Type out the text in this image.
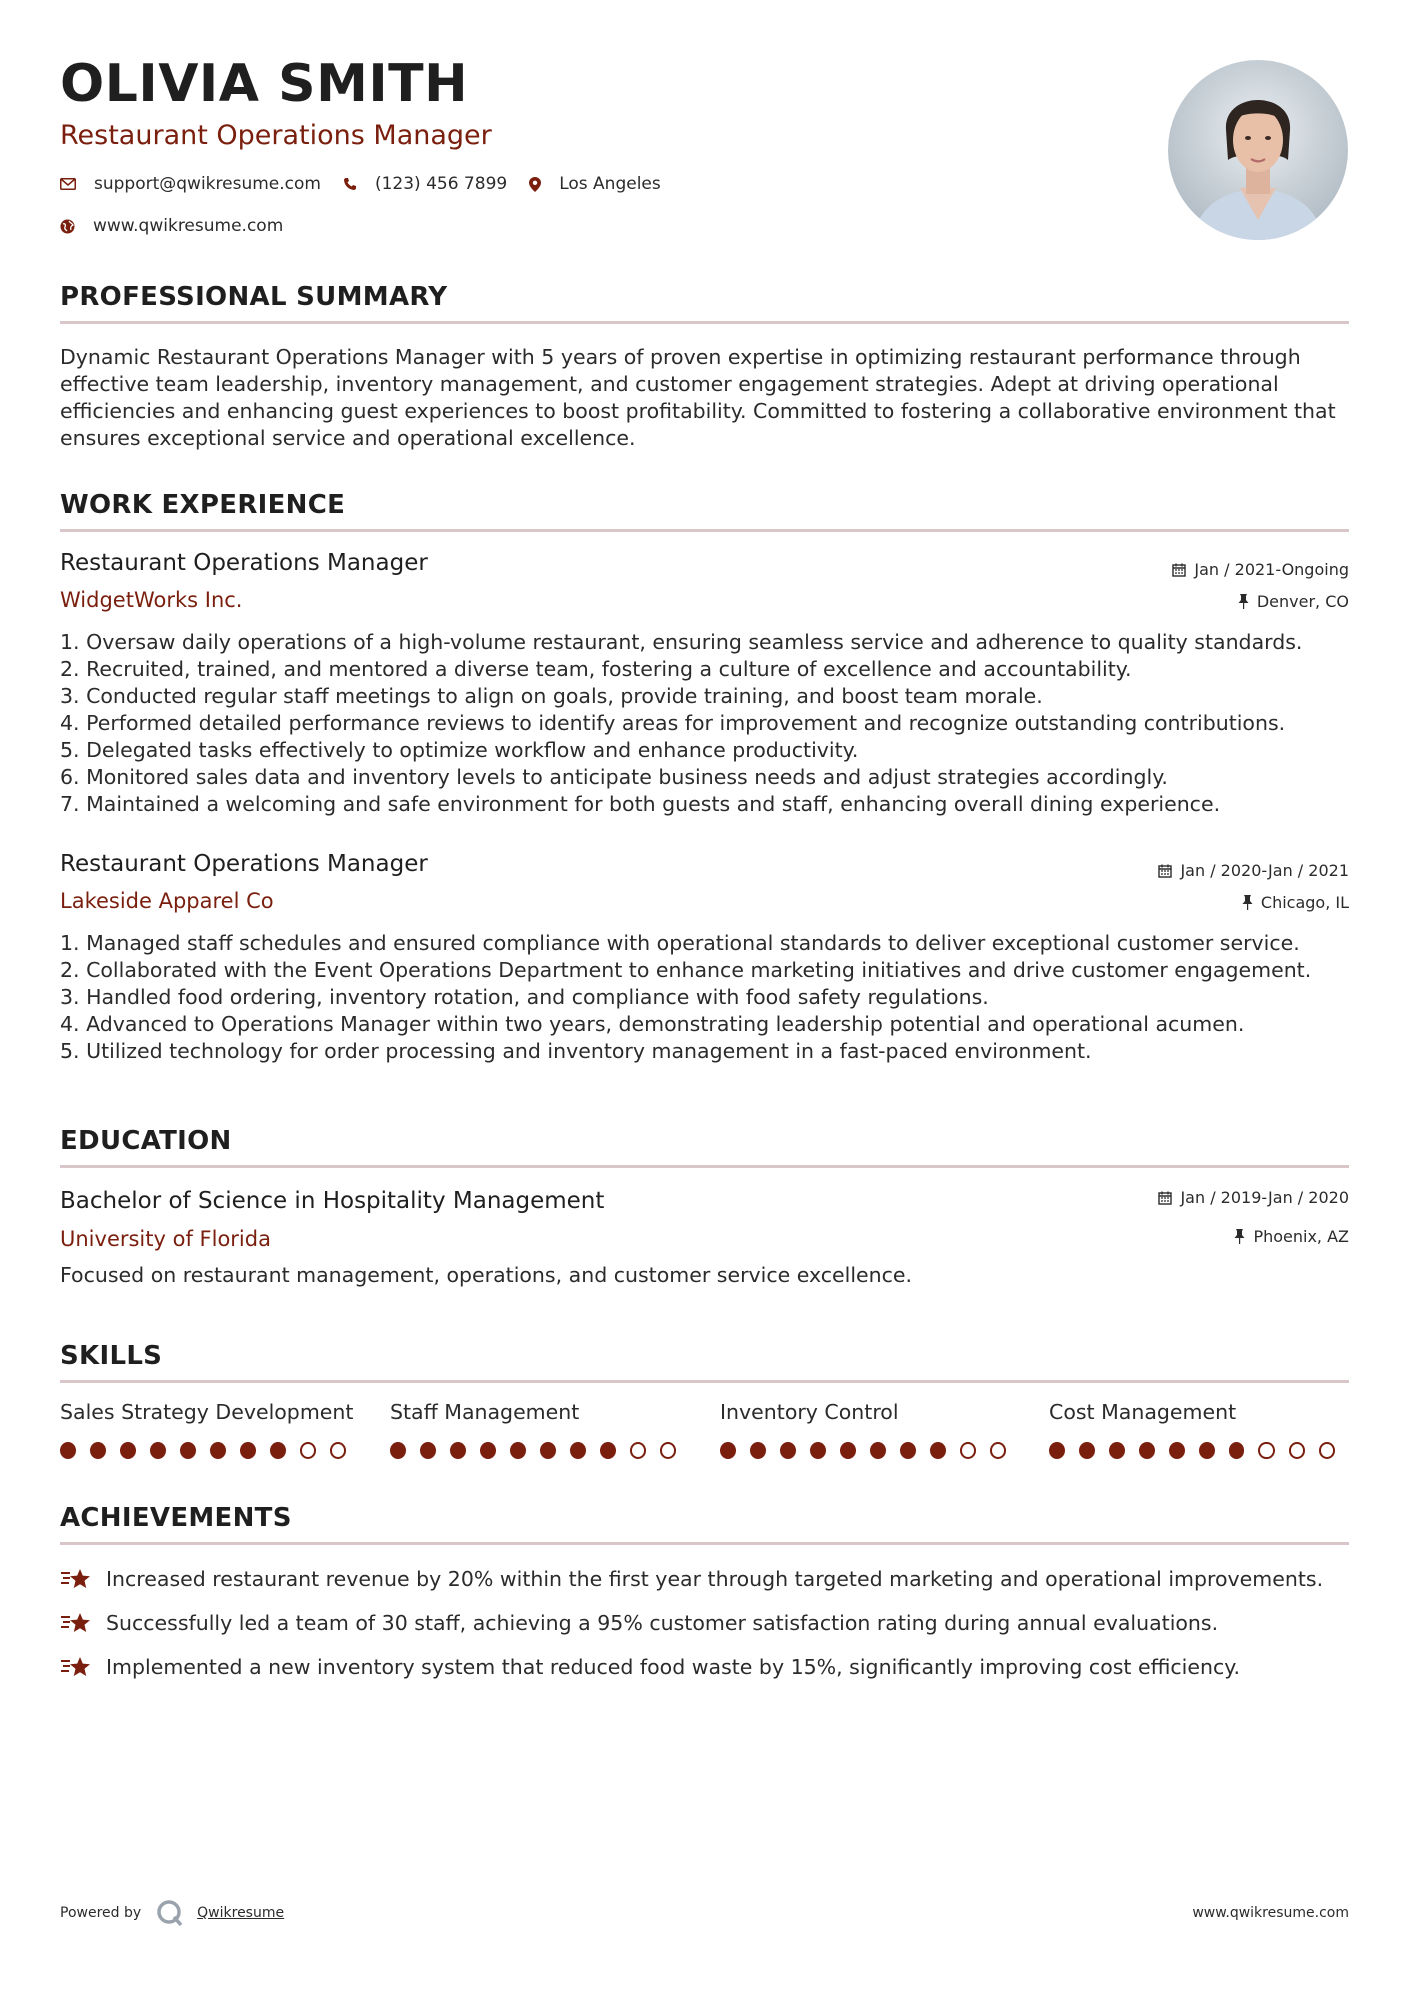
OLIVIA SMITH
Restaurant Operations Manager
support@qwikresume.com	(123) 456 7899	Los Angeles
www.qwikresume.com
PROFESSIONAL SUMMARY
Dynamic Restaurant Operations Manager with 5 years of proven expertise in optimizing restaurant performance through effective team leadership, inventory management, and customer engagement strategies. Adept at driving operational efficiencies and enhancing guest experiences to boost profitability. Committed to fostering a collaborative environment that ensures exceptional service and operational excellence.
WORK EXPERIENCE
Restaurant Operations Manager	Jan / 2021-Ongoing
WidgetWorks Inc.	Denver, CO
1. Oversaw daily operations of a high-volume restaurant, ensuring seamless service and adherence to quality standards.
2. Recruited, trained, and mentored a diverse team, fostering a culture of excellence and accountability.
3. Conducted regular staff meetings to align on goals, provide training, and boost team morale.
4. Performed detailed performance reviews to identify areas for improvement and recognize outstanding contributions.
5. Delegated tasks effectively to optimize workflow and enhance productivity.
6. Monitored sales data and inventory levels to anticipate business needs and adjust strategies accordingly.
7. Maintained a welcoming and safe environment for both guests and staff, enhancing overall dining experience.
Restaurant Operations Manager	Jan / 2020-Jan / 2021
Lakeside Apparel Co	Chicago, IL
1. Managed staff schedules and ensured compliance with operational standards to deliver exceptional customer service.
2. Collaborated with the Event Operations Department to enhance marketing initiatives and drive customer engagement.
3. Handled food ordering, inventory rotation, and compliance with food safety regulations.
4. Advanced to Operations Manager within two years, demonstrating leadership potential and operational acumen.
5. Utilized technology for order processing and inventory management in a fast-paced environment.
EDUCATION
Bachelor of Science in Hospitality Management	Jan / 2019-Jan / 2020
University of Florida	Phoenix, AZ
Focused on restaurant management, operations, and customer service excellence.
SKILLS
Sales Strategy Development	Staff Management	Inventory Control	Cost Management
ACHIEVEMENTS
Increased restaurant revenue by 20% within the first year through targeted marketing and operational improvements.
Successfully led a team of 30 staff, achieving a 95% customer satisfaction rating during annual evaluations.
Implemented a new inventory system that reduced food waste by 15%, significantly improving cost efficiency.
Powered by	Qwikresume	www.qwikresume.com
